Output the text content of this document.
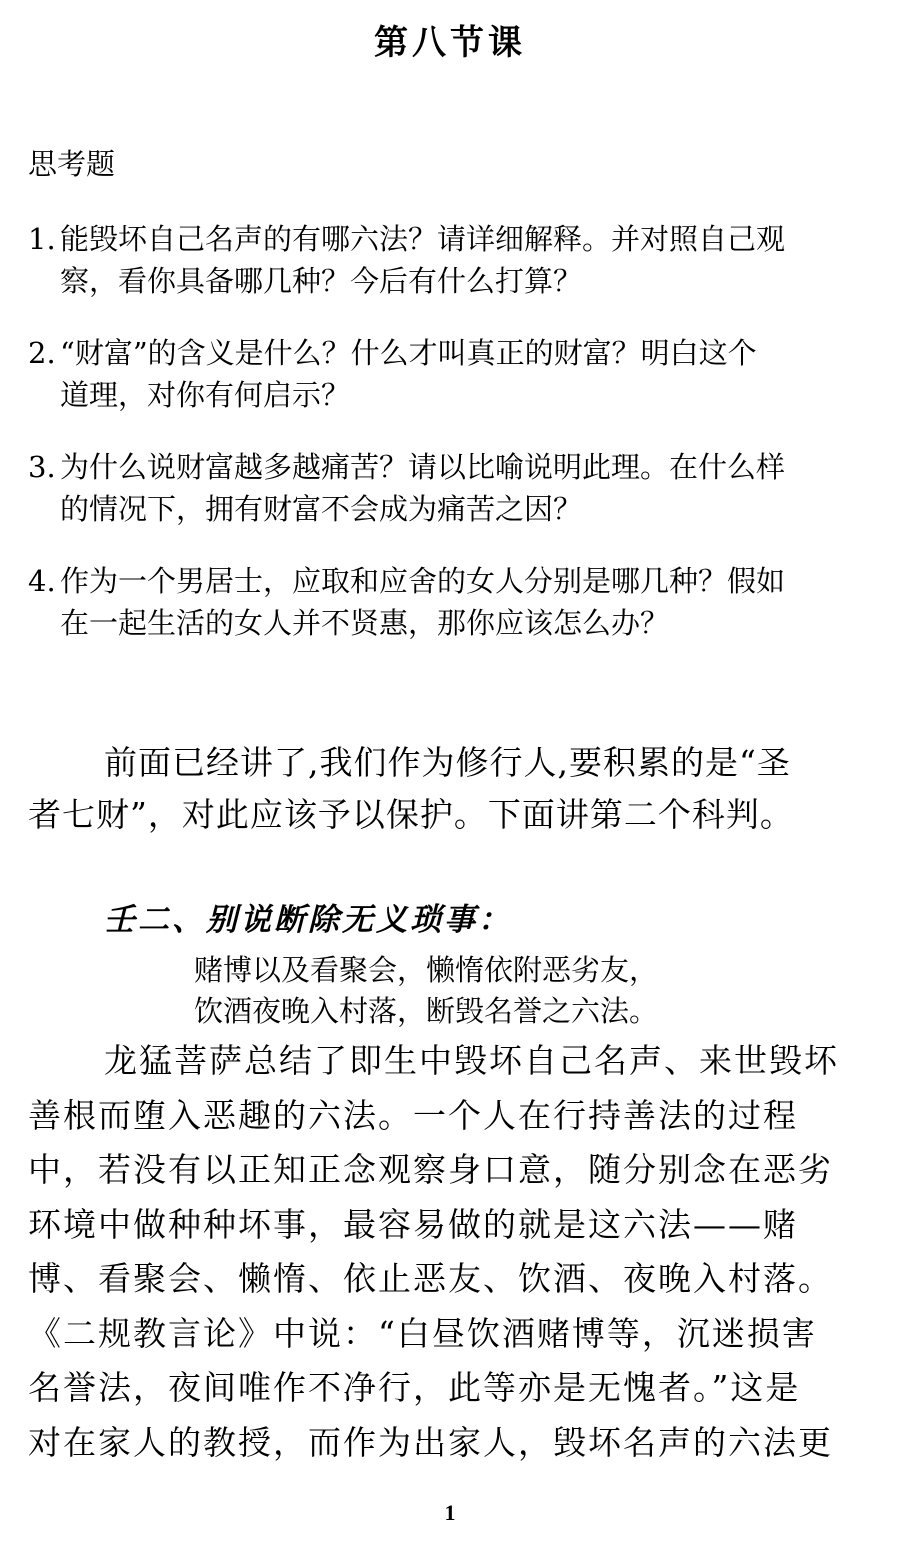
第八节课
思考题
1. 能毁坏自己名声的有哪六法？请详细解释。并对照自己观
察，看你具备哪几种？今后有什么打算？
2. “财富”的含义是什么？什么才叫真正的财富？明白这个
道理，对你有何启示？
3. 为什么说财富越多越痛苦？请以比喻说明此理。在什么样
的情况下，拥有财富不会成为痛苦之因？
4. 作为一个男居士，应取和应舍的女人分别是哪几种？假如
在一起生活的女人并不贤惠，那你应该怎么办？
前面已经讲了,我们作为修行人,要积累的是“圣
者七财”，对此应该予以保护。下面讲第二个科判。
壬二、别说断除无义琐事：
赌博以及看聚会，懒惰依附恶劣友，
饮酒夜晚入村落，断毁名誉之六法。
龙猛菩萨总结了即生中毁坏自己名声、来世毁坏
善根而堕入恶趣的六法。一个人在行持善法的过程
中，若没有以正知正念观察身口意，随分别念在恶劣
环境中做种种坏事，最容易做的就是这六法——赌
博、看聚会、懒惰、依止恶友、饮酒、夜晚入村落。
《二规教言论》中说：“白昼饮酒赌博等，沉迷损害
名誉法，夜间唯作不净行，此等亦是无愧者。”这是
对在家人的教授，而作为出家人，毁坏名声的六法更
1
